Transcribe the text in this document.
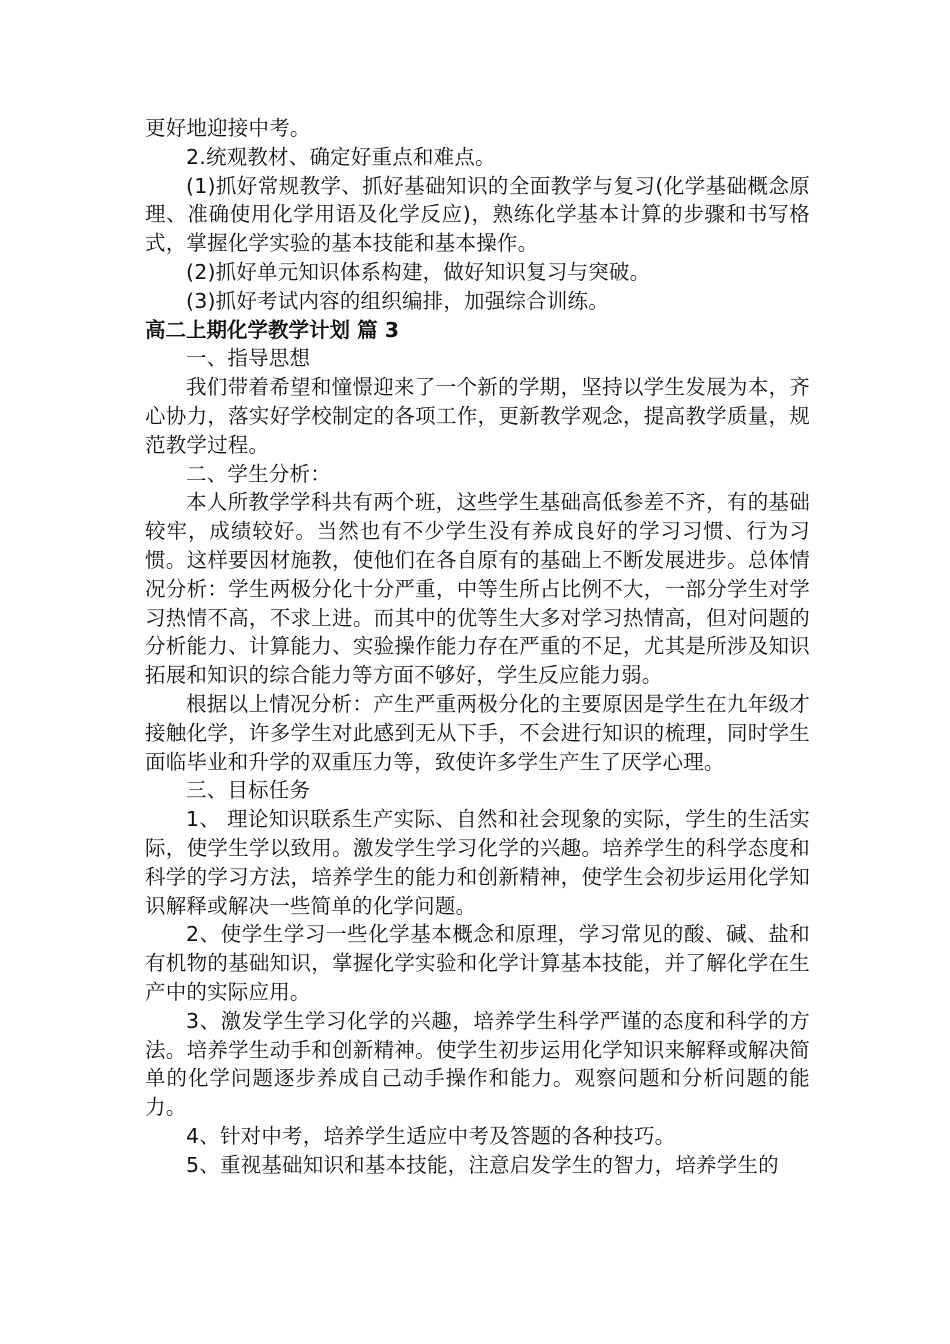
更好地迎接中考。

2.统观教材、确定好重点和难点。

(1)抓好常规教学、抓好基础知识的全面教学与复习(化学基础概念原理、准确使用化学用语及化学反应)，熟练化学基本计算的步骤和书写格式，掌握化学实验的基本技能和基本操作。

(2)抓好单元知识体系构建，做好知识复习与突破。

(3)抓好考试内容的组织编排，加强综合训练。

高二上期化学教学计划 篇 3

一、指导思想

我们带着希望和憧憬迎来了一个新的学期，坚持以学生发展为本，齐心协力，落实好学校制定的各项工作，更新教学观念，提高教学质量，规范教学过程。

二、学生分析：

本人所教学学科共有两个班，这些学生基础高低参差不齐，有的基础较牢，成绩较好。当然也有不少学生没有养成良好的学习习惯、行为习惯。这样要因材施教，使他们在各自原有的基础上不断发展进步。总体情况分析：学生两极分化十分严重，中等生所占比例不大，一部分学生对学习热情不高，不求上进。而其中的优等生大多对学习热情高，但对问题的分析能力、计算能力、实验操作能力存在严重的不足，尤其是所涉及知识拓展和知识的综合能力等方面不够好，学生反应能力弱。

根据以上情况分析：产生严重两极分化的主要原因是学生在九年级才接触化学，许多学生对此感到无从下手，不会进行知识的梳理，同时学生面临毕业和升学的双重压力等，致使许多学生产生了厌学心理。

三、目标任务

1、 理论知识联系生产实际、自然和社会现象的实际，学生的生活实际，使学生学以致用。激发学生学习化学的兴趣。培养学生的科学态度和科学的学习方法，培养学生的能力和创新精神，使学生会初步运用化学知识解释或解决一些简单的化学问题。

2、使学生学习一些化学基本概念和原理，学习常见的酸、碱、盐和有机物的基础知识，掌握化学实验和化学计算基本技能，并了解化学在生产中的实际应用。

3、激发学生学习化学的兴趣，培养学生科学严谨的态度和科学的方法。培养学生动手和创新精神。使学生初步运用化学知识来解释或解决简单的化学问题逐步养成自己动手操作和能力。观察问题和分析问题的能力。

4、针对中考，培养学生适应中考及答题的各种技巧。

5、重视基础知识和基本技能，注意启发学生的智力，培养学生的
